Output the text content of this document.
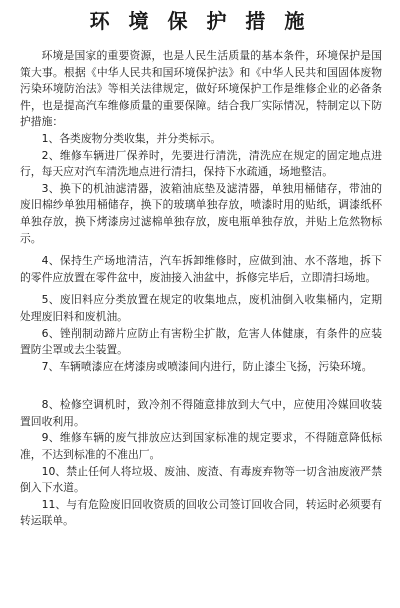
环 境 保 护 措 施

环境是国家的重要资源，也是人民生活质量的基本条件，环境保护是国策大事。根据《中华人民共和国环境保护法》和《中华人民共和国固体废物污染环境防治法》等相关法律规定，做好环境保护工作是维修企业的必备条件，也是提高汽车维修质量的重要保障。结合我厂实际情况，特制定以下防护措施：

1、各类废物分类收集，并分类标示。

2、维修车辆进厂保养时，先要进行清洗，清洗应在规定的固定地点进行，每天应对汽车清洗地点进行清扫，保持下水疏通，场地整洁。

3、换下的机油滤清器，波箱油底垫及滤清器，单独用桶储存，带油的废旧棉纱单独用桶储存，换下的玻璃单独存放，喷漆时用的贴纸，调漆纸杯单独存放，换下烤漆房过滤棉单独存放，废电瓶单独存放，并贴上危然物标示。

4、保持生产场地清洁，汽车拆卸维修时，应做到油、水不落地，拆下的零件应放置在零件盆中，废油接入油盆中，拆修完毕后，立即清扫场地。

5、废旧料应分类放置在规定的收集地点，废机油倒入收集桶内，定期处理废旧料和废机油。

6、锉削制动蹄片应防止有害粉尘扩散，危害人体健康，有条件的应装置防尘罩或去尘装置。

7、车辆喷漆应在烤漆房或喷漆间内进行，防止漆尘飞扬，污染环境。

8、检修空调机时，致冷剂不得随意排放到大气中，应使用冷媒回收装置回收利用。

9、维修车辆的废气排放应达到国家标准的规定要求，不得随意降低标准，不达到标准的不准出厂。

10、禁止任何人将垃圾、废油、废渣、有毒废弃物等一切含油废液严禁倒入下水道。

11、与有危险废旧回收资质的回收公司签订回收合同，转运时必须要有转运联单。
